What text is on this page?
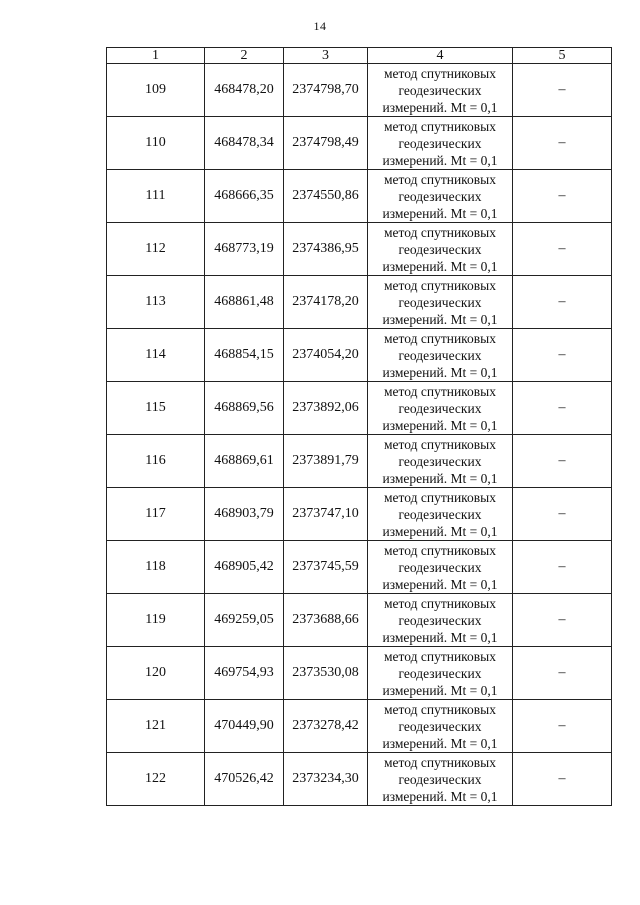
14
1	2	3	4	5
109	468478,20	2374798,70	метод спутниковых
геодезических
измерений. Mt = 0,1	–
110	468478,34	2374798,49	метод спутниковых
геодезических
измерений. Mt = 0,1	–
111	468666,35	2374550,86	метод спутниковых
геодезических
измерений. Mt = 0,1	–
112	468773,19	2374386,95	метод спутниковых
геодезических
измерений. Mt = 0,1	–
113	468861,48	2374178,20	метод спутниковых
геодезических
измерений. Mt = 0,1	–
114	468854,15	2374054,20	метод спутниковых
геодезических
измерений. Mt = 0,1	–
115	468869,56	2373892,06	метод спутниковых
геодезических
измерений. Mt = 0,1	–
116	468869,61	2373891,79	метод спутниковых
геодезических
измерений. Mt = 0,1	–
117	468903,79	2373747,10	метод спутниковых
геодезических
измерений. Mt = 0,1	–
118	468905,42	2373745,59	метод спутниковых
геодезических
измерений. Mt = 0,1	–
119	469259,05	2373688,66	метод спутниковых
геодезических
измерений. Mt = 0,1	–
120	469754,93	2373530,08	метод спутниковых
геодезических
измерений. Mt = 0,1	–
121	470449,90	2373278,42	метод спутниковых
геодезических
измерений. Mt = 0,1	–
122	470526,42	2373234,30	метод спутниковых
геодезических
измерений. Mt = 0,1	–
